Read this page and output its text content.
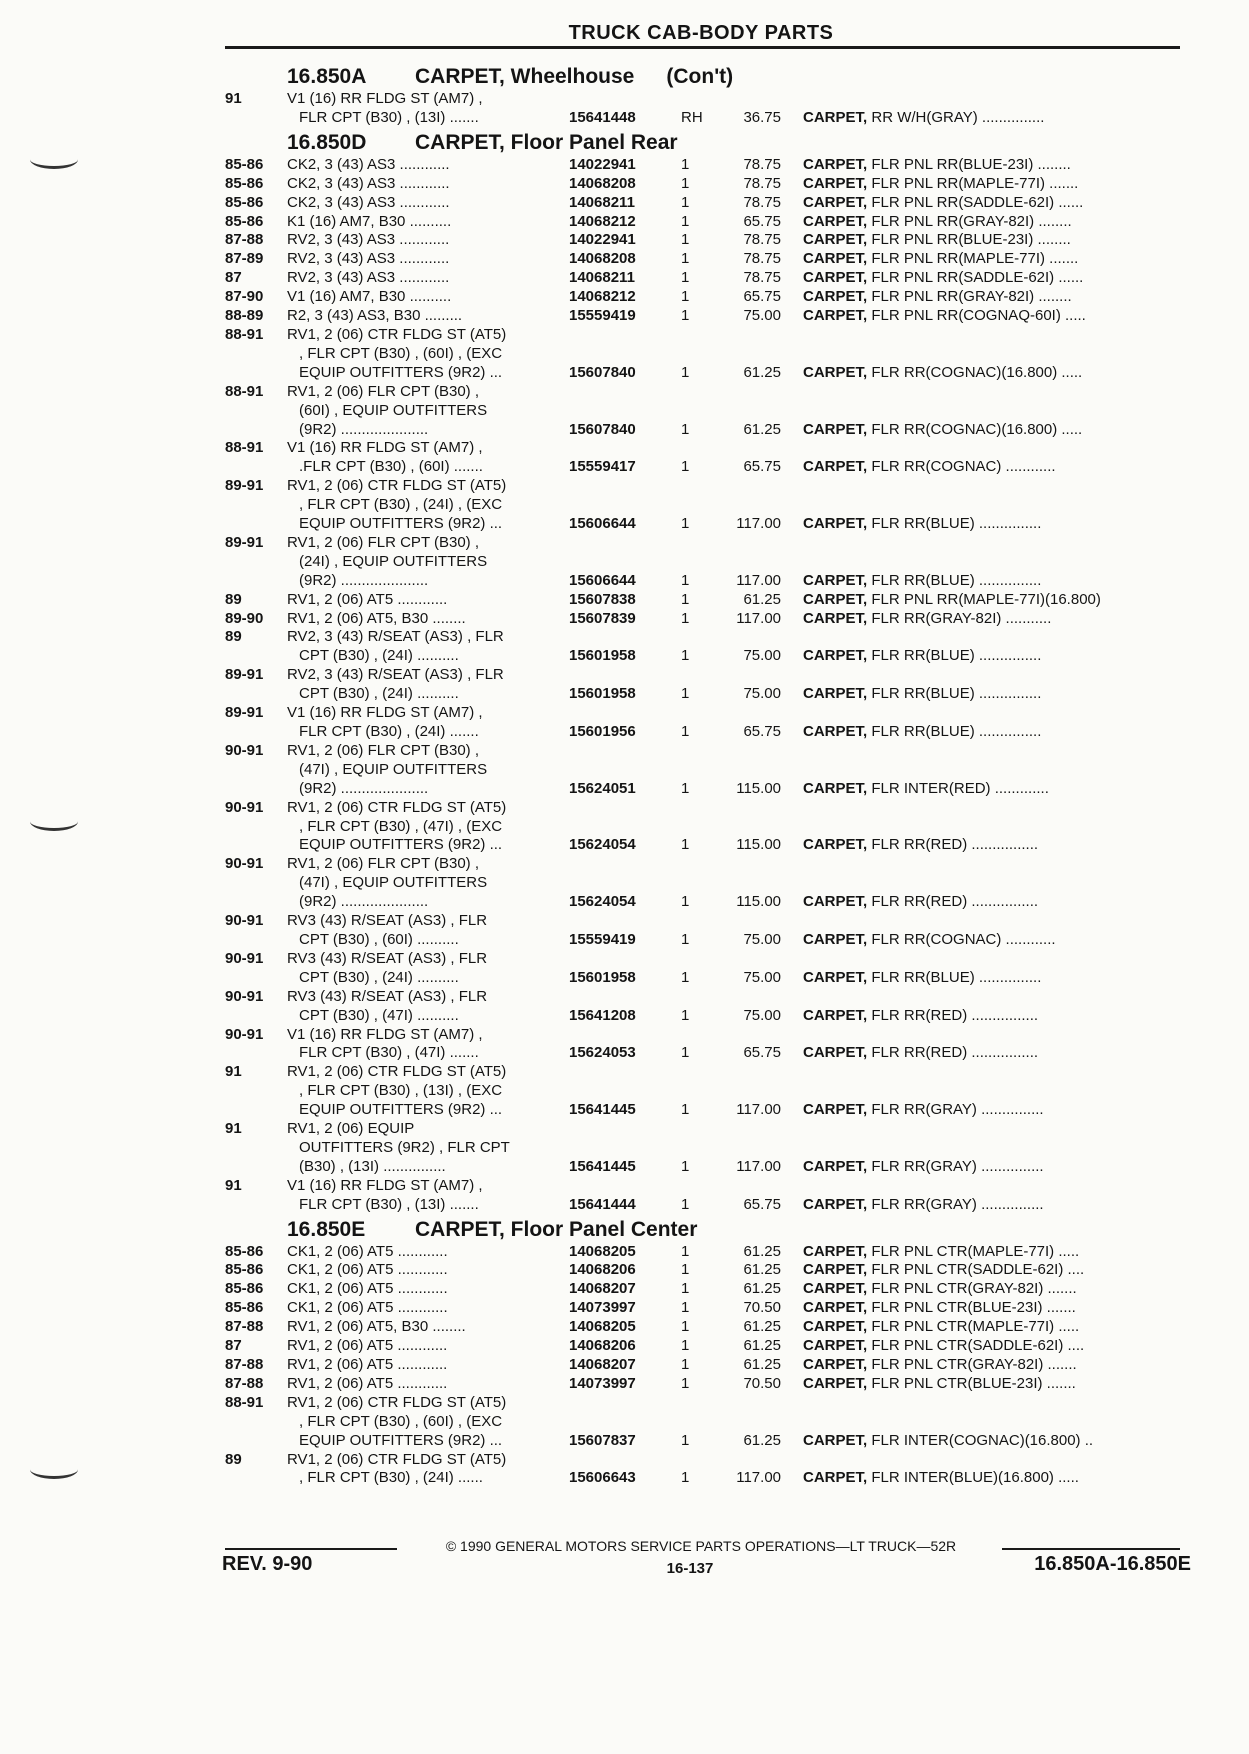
TRUCK CAB-BODY PARTS
16.850A CARPET, Wheelhouse (Con't)
91	V1 (16) RR FLDG ST (AM7) ,
FLR CPT (B30) , (13I) .......	15641448	RH	36.75	CARPET, RR W/H(GRAY) ...............
16.850D CARPET, Floor Panel Rear
85-86	CK2, 3 (43) AS3 ............	14022941	1	78.75	CARPET, FLR PNL RR(BLUE-23I) ........
85-86	CK2, 3 (43) AS3 ............	14068208	1	78.75	CARPET, FLR PNL RR(MAPLE-77I) .......
85-86	CK2, 3 (43) AS3 ............	14068211	1	78.75	CARPET, FLR PNL RR(SADDLE-62I) ......
85-86	K1 (16) AM7, B30 ..........	14068212	1	65.75	CARPET, FLR PNL RR(GRAY-82I) ........
87-88	RV2, 3 (43) AS3 ............	14022941	1	78.75	CARPET, FLR PNL RR(BLUE-23I) ........
87-89	RV2, 3 (43) AS3 ............	14068208	1	78.75	CARPET, FLR PNL RR(MAPLE-77I) .......
87	RV2, 3 (43) AS3 ............	14068211	1	78.75	CARPET, FLR PNL RR(SADDLE-62I) ......
87-90	V1 (16) AM7, B30 ..........	14068212	1	65.75	CARPET, FLR PNL RR(GRAY-82I) ........
88-89	R2, 3 (43) AS3, B30 .........	15559419	1	75.00	CARPET, FLR PNL RR(COGNAQ-60I) .....
88-91	RV1, 2 (06) CTR FLDG ST (AT5)
, FLR CPT (B30) , (60I) , (EXC
EQUIP OUTFITTERS (9R2) ...	15607840	1	61.25	CARPET, FLR RR(COGNAC)(16.800) .....
88-91	RV1, 2 (06) FLR CPT (B30) ,
(60I) , EQUIP OUTFITTERS
(9R2) .....................	15607840	1	61.25	CARPET, FLR RR(COGNAC)(16.800) .....
88-91	V1 (16) RR FLDG ST (AM7) ,
.FLR CPT (B30) , (60I) .......	15559417	1	65.75	CARPET, FLR RR(COGNAC) ............
89-91	RV1, 2 (06) CTR FLDG ST (AT5)
, FLR CPT (B30) , (24I) , (EXC
EQUIP OUTFITTERS (9R2) ...	15606644	1	117.00	CARPET, FLR RR(BLUE) ...............
89-91	RV1, 2 (06) FLR CPT (B30) ,
(24I) , EQUIP OUTFITTERS
(9R2) .....................	15606644	1	117.00	CARPET, FLR RR(BLUE) ...............
89	RV1, 2 (06) AT5 ............	15607838	1	61.25	CARPET, FLR PNL RR(MAPLE-77I)(16.800)
89-90	RV1, 2 (06) AT5, B30 ........	15607839	1	117.00	CARPET, FLR RR(GRAY-82I) ...........
89	RV2, 3 (43) R/SEAT (AS3) , FLR
CPT (B30) , (24I) ..........	15601958	1	75.00	CARPET, FLR RR(BLUE) ...............
89-91	RV2, 3 (43) R/SEAT (AS3) , FLR
CPT (B30) , (24I) ..........	15601958	1	75.00	CARPET, FLR RR(BLUE) ...............
89-91	V1 (16) RR FLDG ST (AM7) ,
FLR CPT (B30) , (24I) .......	15601956	1	65.75	CARPET, FLR RR(BLUE) ...............
90-91	RV1, 2 (06) FLR CPT (B30) ,
(47I) , EQUIP OUTFITTERS
(9R2) .....................	15624051	1	115.00	CARPET, FLR INTER(RED) .............
90-91	RV1, 2 (06) CTR FLDG ST (AT5)
, FLR CPT (B30) , (47I) , (EXC
EQUIP OUTFITTERS (9R2) ...	15624054	1	115.00	CARPET, FLR RR(RED) ................
90-91	RV1, 2 (06) FLR CPT (B30) ,
(47I) , EQUIP OUTFITTERS
(9R2) .....................	15624054	1	115.00	CARPET, FLR RR(RED) ................
90-91	RV3 (43) R/SEAT (AS3) , FLR
CPT (B30) , (60I) ..........	15559419	1	75.00	CARPET, FLR RR(COGNAC) ............
90-91	RV3 (43) R/SEAT (AS3) , FLR
CPT (B30) , (24I) ..........	15601958	1	75.00	CARPET, FLR RR(BLUE) ...............
90-91	RV3 (43) R/SEAT (AS3) , FLR
CPT (B30) , (47I) ..........	15641208	1	75.00	CARPET, FLR RR(RED) ................
90-91	V1 (16) RR FLDG ST (AM7) ,
FLR CPT (B30) , (47I) .......	15624053	1	65.75	CARPET, FLR RR(RED) ................
91	RV1, 2 (06) CTR FLDG ST (AT5)
, FLR CPT (B30) , (13I) , (EXC
EQUIP OUTFITTERS (9R2) ...	15641445	1	117.00	CARPET, FLR RR(GRAY) ...............
91	RV1, 2 (06) EQUIP
OUTFITTERS (9R2) , FLR CPT
(B30) , (13I) ...............	15641445	1	117.00	CARPET, FLR RR(GRAY) ...............
91	V1 (16) RR FLDG ST (AM7) ,
FLR CPT (B30) , (13I) .......	15641444	1	65.75	CARPET, FLR RR(GRAY) ...............
16.850E CARPET, Floor Panel Center
85-86	CK1, 2 (06) AT5 ............	14068205	1	61.25	CARPET, FLR PNL CTR(MAPLE-77I) .....
85-86	CK1, 2 (06) AT5 ............	14068206	1	61.25	CARPET, FLR PNL CTR(SADDLE-62I) ....
85-86	CK1, 2 (06) AT5 ............	14068207	1	61.25	CARPET, FLR PNL CTR(GRAY-82I) .......
85-86	CK1, 2 (06) AT5 ............	14073997	1	70.50	CARPET, FLR PNL CTR(BLUE-23I) .......
87-88	RV1, 2 (06) AT5, B30 ........	14068205	1	61.25	CARPET, FLR PNL CTR(MAPLE-77I) .....
87	RV1, 2 (06) AT5 ............	14068206	1	61.25	CARPET, FLR PNL CTR(SADDLE-62I) ....
87-88	RV1, 2 (06) AT5 ............	14068207	1	61.25	CARPET, FLR PNL CTR(GRAY-82I) .......
87-88	RV1, 2 (06) AT5 ............	14073997	1	70.50	CARPET, FLR PNL CTR(BLUE-23I) .......
88-91	RV1, 2 (06) CTR FLDG ST (AT5)
, FLR CPT (B30) , (60I) , (EXC
EQUIP OUTFITTERS (9R2) ...	15607837	1	61.25	CARPET, FLR INTER(COGNAC)(16.800) ..
89	RV1, 2 (06) CTR FLDG ST (AT5)
, FLR CPT (B30) , (24I) ......	15606643	1	117.00	CARPET, FLR INTER(BLUE)(16.800) .....
© 1990 GENERAL MOTORS SERVICE PARTS OPERATIONS—LT TRUCK—52R
REV. 9-90	16-137	16.850A-16.850E
